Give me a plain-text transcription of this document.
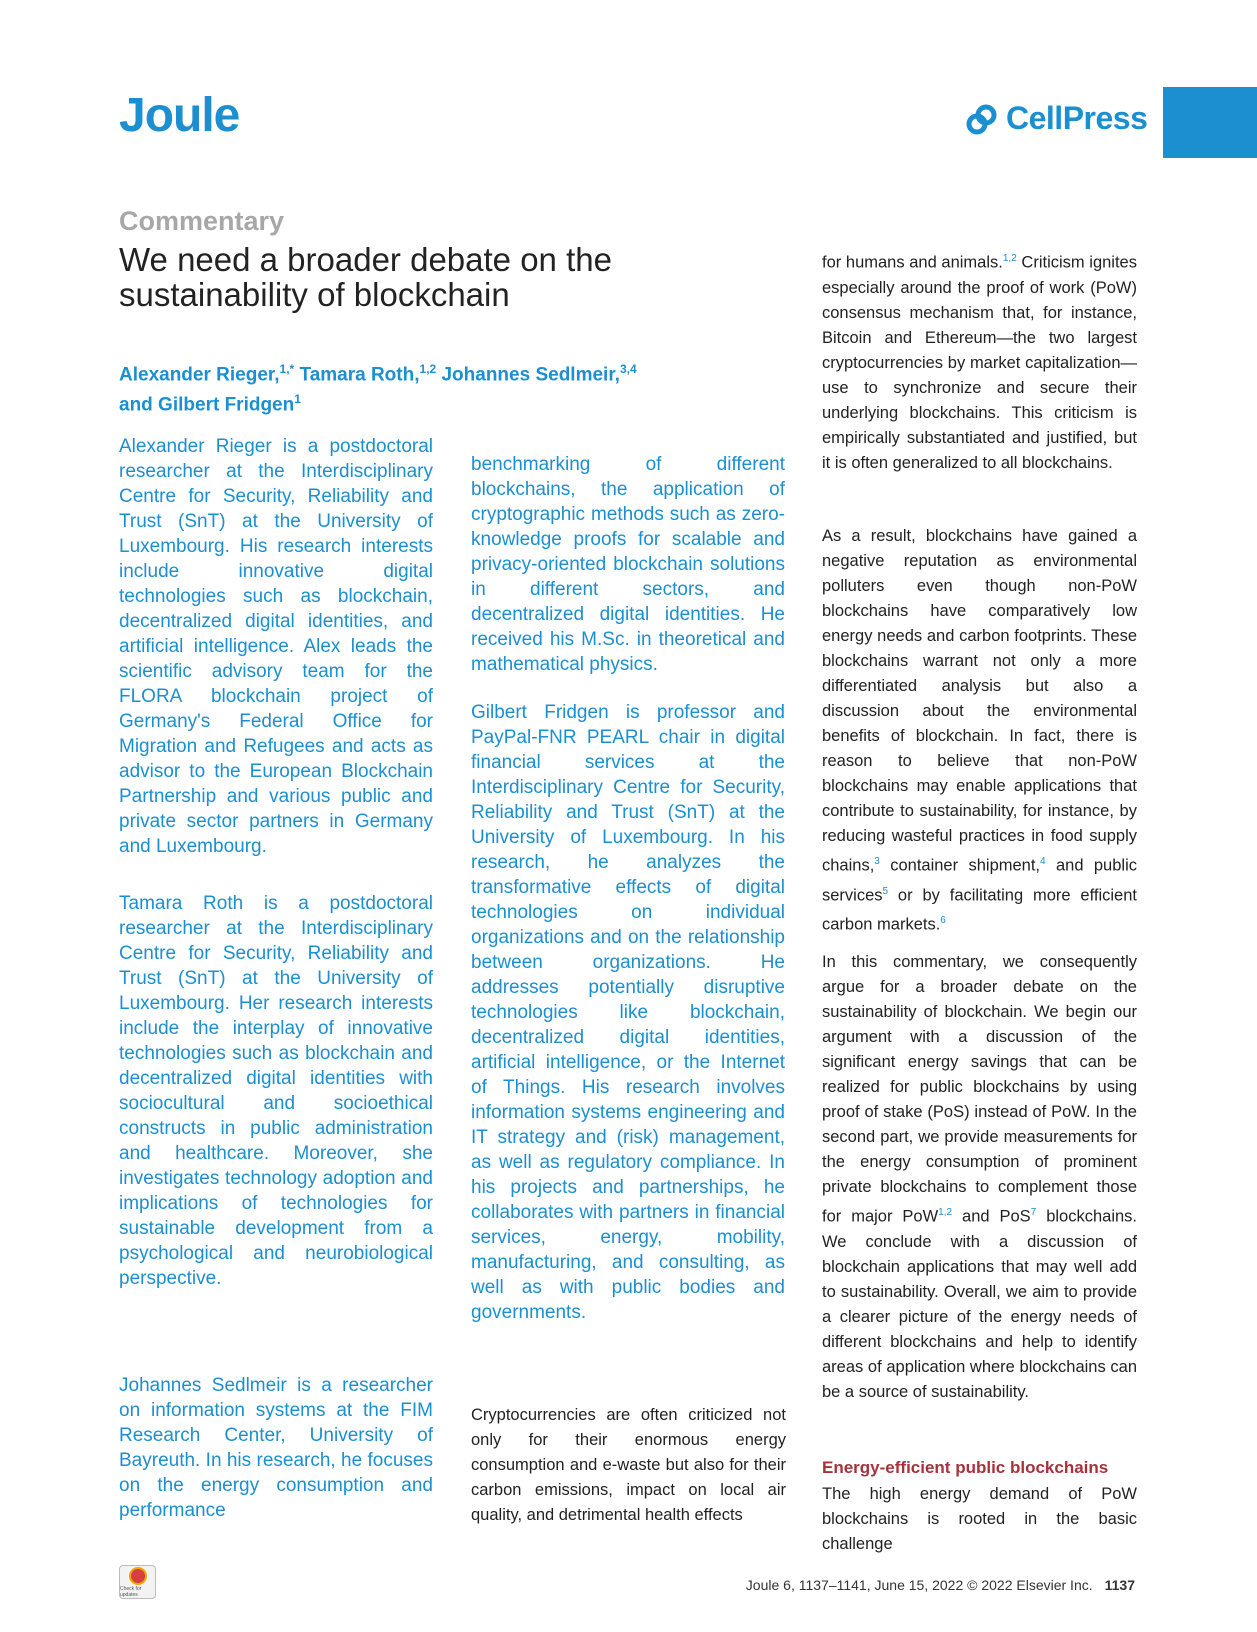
Joule	CellPress
Commentary
We need a broader debate on the sustainability of blockchain
Alexander Rieger,$^{1,*}$ Tamara Roth,$^{1,2}$ Johannes Sedlmeir,$^{3,4}$
and Gilbert Fridgen$^1$
Alexander Rieger is a postdoctoral researcher at the Interdisciplinary Centre for Security, Reliability and Trust (SnT) at the University of Luxembourg. His research interests include innovative digital technologies such as blockchain, decentralized digital identities, and artificial intelligence. Alex leads the scientific advisory team for the FLORA blockchain project of Germany's Federal Office for Migration and Refugees and acts as advisor to the European Blockchain Partnership and various public and private sector partners in Germany and Luxembourg.
Tamara Roth is a postdoctoral researcher at the Interdisciplinary Centre for Security, Reliability and Trust (SnT) at the University of Luxembourg. Her research interests include the interplay of innovative technologies such as blockchain and decentralized digital identities with sociocultural and socioethical constructs in public administration and healthcare. Moreover, she investigates technology adoption and implications of technologies for sustainable development from a psychological and neurobiological perspective.
Johannes Sedlmeir is a researcher on information systems at the FIM Research Center, University of Bayreuth. In his research, he focuses on the energy consumption and performance
benchmarking of different blockchains, the application of cryptographic methods such as zero-knowledge proofs for scalable and privacy-oriented blockchain solutions in different sectors, and decentralized digital identities. He received his M.Sc. in theoretical and mathematical physics.
Gilbert Fridgen is professor and PayPal-FNR PEARL chair in digital financial services at the Interdisciplinary Centre for Security, Reliability and Trust (SnT) at the University of Luxembourg. In his research, he analyzes the transformative effects of digital technologies on individual organizations and on the relationship between organizations. He addresses potentially disruptive technologies like blockchain, decentralized digital identities, artificial intelligence, or the Internet of Things. His research involves information systems engineering and IT strategy and (risk) management, as well as regulatory compliance. In his projects and partnerships, he collaborates with partners in financial services, energy, mobility, manufacturing, and consulting, as well as with public bodies and governments.
Cryptocurrencies are often criticized not only for their enormous energy consumption and e-waste but also for their carbon emissions, impact on local air quality, and detrimental health effects
for humans and animals.$^{1,2}$ Criticism ignites especially around the proof of work (PoW) consensus mechanism that, for instance, Bitcoin and Ethereum—the two largest cryptocurrencies by market capitalization—use to synchronize and secure their underlying blockchains. This criticism is empirically substantiated and justified, but it is often generalized to all blockchains.
As a result, blockchains have gained a negative reputation as environmental polluters even though non-PoW blockchains have comparatively low energy needs and carbon footprints. These blockchains warrant not only a more differentiated analysis but also a discussion about the environmental benefits of blockchain. In fact, there is reason to believe that non-PoW blockchains may enable applications that contribute to sustainability, for instance, by reducing wasteful practices in food supply chains,$^3$ container shipment,$^4$ and public services$^5$ or by facilitating more efficient carbon markets.$^6$
In this commentary, we consequently argue for a broader debate on the sustainability of blockchain. We begin our argument with a discussion of the significant energy savings that can be realized for public blockchains by using proof of stake (PoS) instead of PoW. In the second part, we provide measurements for the energy consumption of prominent private blockchains to complement those for major PoW$^{1,2}$ and PoS$^7$ blockchains. We conclude with a discussion of blockchain applications that may well add to sustainability. Overall, we aim to provide a clearer picture of the energy needs of different blockchains and help to identify areas of application where blockchains can be a source of sustainability.
Energy-efficient public blockchains
The high energy demand of PoW blockchains is rooted in the basic challenge
Check for updates
Joule 6, 1137–1141, June 15, 2022 © 2022 Elsevier Inc. 1137
